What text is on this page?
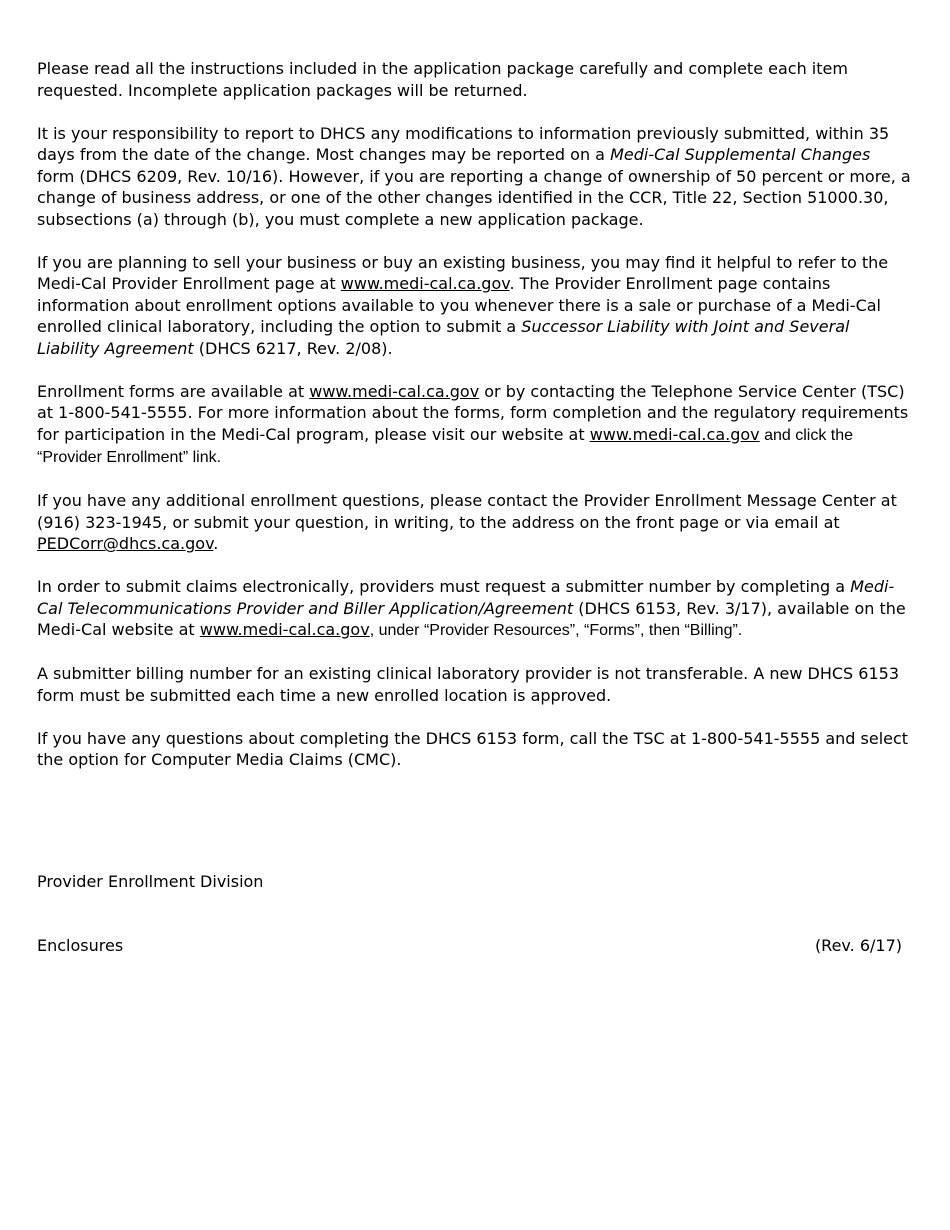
Please read all the instructions included in the application package carefully and complete each item requested. Incomplete application packages will be returned.

It is your responsibility to report to DHCS any modifications to information previously submitted, within 35 days from the date of the change. Most changes may be reported on a Medi-Cal Supplemental Changes form (DHCS 6209, Rev. 10/16). However, if you are reporting a change of ownership of 50 percent or more, a change of business address, or one of the other changes identified in the CCR, Title 22, Section 51000.30, subsections (a) through (b), you must complete a new application package.

If you are planning to sell your business or buy an existing business, you may find it helpful to refer to the Medi-Cal Provider Enrollment page at www.medi-cal.ca.gov. The Provider Enrollment page contains information about enrollment options available to you whenever there is a sale or purchase of a Medi-Cal enrolled clinical laboratory, including the option to submit a Successor Liability with Joint and Several Liability Agreement (DHCS 6217, Rev. 2/08).

Enrollment forms are available at www.medi-cal.ca.gov or by contacting the Telephone Service Center (TSC) at 1-800-541-5555. For more information about the forms, form completion and the regulatory requirements for participation in the Medi-Cal program, please visit our website at www.medi-cal.ca.gov and click the “Provider Enrollment” link.

If you have any additional enrollment questions, please contact the Provider Enrollment Message Center at (916) 323-1945, or submit your question, in writing, to the address on the front page or via email at PEDCorr@dhcs.ca.gov.

In order to submit claims electronically, providers must request a submitter number by completing a Medi-Cal Telecommunications Provider and Biller Application/Agreement (DHCS 6153, Rev. 3/17), available on the Medi-Cal website at www.medi-cal.ca.gov, under “Provider Resources”, “Forms”, then “Billing”.

A submitter billing number for an existing clinical laboratory provider is not transferable. A new DHCS 6153 form must be submitted each time a new enrolled location is approved.

If you have any questions about completing the DHCS 6153 form, call the TSC at 1-800-541-5555 and select the option for Computer Media Claims (CMC).

Provider Enrollment Division

Enclosures	(Rev. 6/17)
